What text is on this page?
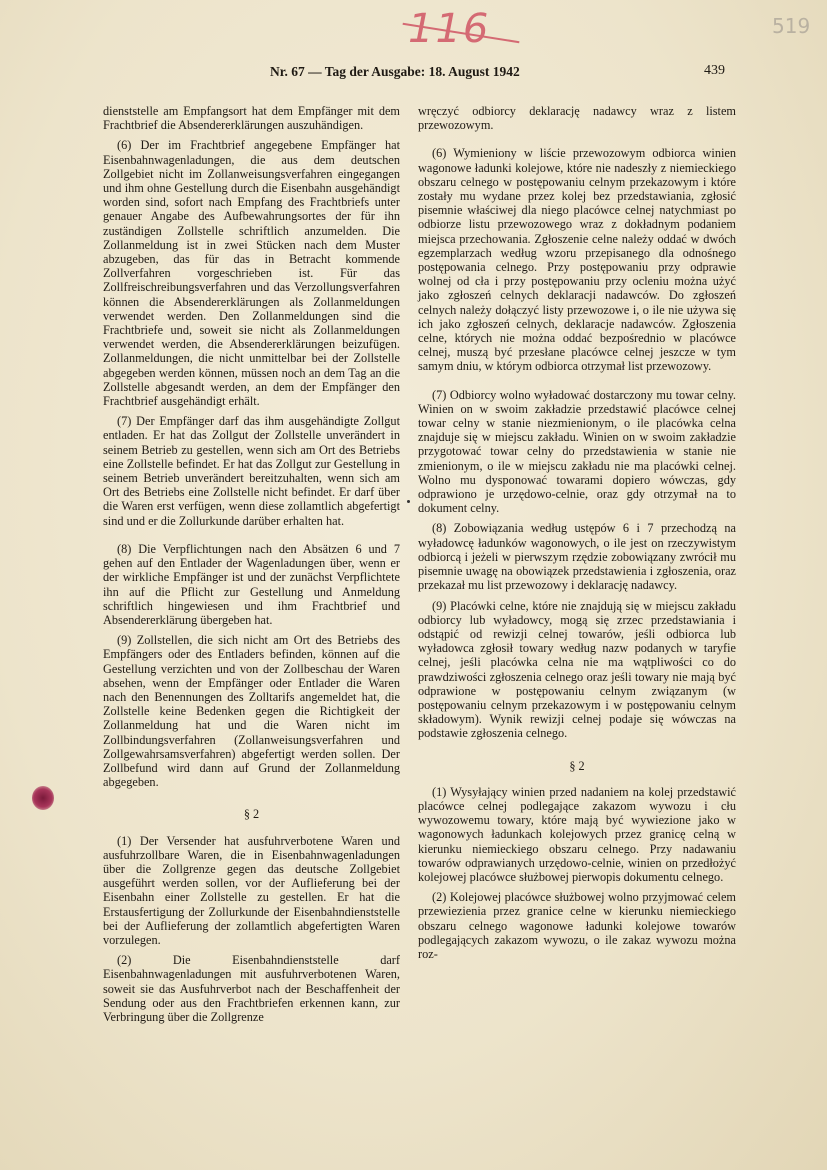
116	519
Nr. 67 — Tag der Ausgabe: 18. August 1942	439

dienststelle am Empfangsort hat dem Empfänger mit dem Frachtbrief die Absendererklärungen auszuhändigen.

(6) Der im Frachtbrief angegebene Empfänger hat Eisenbahnwagenladungen, die aus dem deutschen Zollgebiet nicht im Zollanweisungsverfahren eingegangen und ihm ohne Gestellung durch die Eisenbahn ausgehändigt worden sind, sofort nach Empfang des Frachtbriefs unter genauer Angabe des Aufbewahrungsortes der für ihn zuständigen Zollstelle schriftlich anzumelden. Die Zollanmeldung ist in zwei Stücken nach dem Muster abzugeben, das für das in Betracht kommende Zollverfahren vorgeschrieben ist. Für das Zollfreischreibungsverfahren und das Verzollungsverfahren können die Absendererklärungen als Zollanmeldungen verwendet werden. Den Zollanmeldungen sind die Frachtbriefe und, soweit sie nicht als Zollanmeldungen verwendet werden, die Absendererklärungen beizufügen. Zollanmeldungen, die nicht unmittelbar bei der Zollstelle abgegeben werden können, müssen noch an dem Tag an die Zollstelle abgesandt werden, an dem der Empfänger den Frachtbrief ausgehändigt erhält.

(7) Der Empfänger darf das ihm ausgehändigte Zollgut entladen. Er hat das Zollgut der Zollstelle unverändert in seinem Betrieb zu gestellen, wenn sich am Ort des Betriebs eine Zollstelle befindet. Er hat das Zollgut zur Gestellung in seinem Betrieb unverändert bereitzuhalten, wenn sich am Ort des Betriebs eine Zollstelle nicht befindet. Er darf über die Waren erst verfügen, wenn diese zollamtlich abgefertigt sind und er die Zollurkunde darüber erhalten hat.

(8) Die Verpflichtungen nach den Absätzen 6 und 7 gehen auf den Entlader der Wagenladungen über, wenn er der wirkliche Empfänger ist und der zunächst Verpflichtete ihn auf die Pflicht zur Gestellung und Anmeldung schriftlich hingewiesen und ihm Frachtbrief und Absendererklärung übergeben hat.

(9) Zollstellen, die sich nicht am Ort des Betriebs des Empfängers oder des Entladers befinden, können auf die Gestellung verzichten und von der Zollbeschau der Waren absehen, wenn der Empfänger oder Entlader die Waren nach den Benennungen des Zolltarifs angemeldet hat, die Zollstelle keine Bedenken gegen die Richtigkeit der Zollanmeldung hat und die Waren nicht im Zollbindungsverfahren (Zollanweisungsverfahren und Zollgewahrsamsverfahren) abgefertigt werden sollen. Der Zollbefund wird dann auf Grund der Zollanmeldung abgegeben.

§ 2

(1) Der Versender hat ausfuhrverbotene Waren und ausfuhrzollbare Waren, die in Eisenbahnwagenladungen über die Zollgrenze gegen das deutsche Zollgebiet ausgeführt werden sollen, vor der Auflieferung bei der Eisenbahn einer Zollstelle zu gestellen. Er hat die Erstausfertigung der Zollurkunde der Eisenbahndienststelle bei der Auflieferung der zollamtlich abgefertigten Waren vorzulegen.

(2) Die Eisenbahndienststelle darf Eisenbahnwagenladungen mit ausfuhrverbotenen Waren, soweit sie das Ausfuhrverbot nach der Beschaffenheit der Sendung oder aus den Frachtbriefen erkennen kann, zur Verbringung über die Zollgrenze

wręczyć odbiorcy deklarację nadawcy wraz z listem przewozowym.

(6) Wymieniony w liście przewozowym odbiorca winien wagonowe ładunki kolejowe, które nie nadeszły z niemieckiego obszaru celnego w postępowaniu celnym przekazowym i które zostały mu wydane przez kolej bez przedstawiania, zgłosić pisemnie właściwej dla niego placówce celnej natychmiast po odbiorze listu przewozowego wraz z dokładnym podaniem miejsca przechowania. Zgłoszenie celne należy oddać w dwóch egzemplarzach według wzoru przepisanego dla odnośnego postępowania celnego. Przy postępowaniu przy odprawie wolnej od cła i przy postępowaniu przy ocleniu można użyć jako zgłoszeń celnych deklaracji nadawców. Do zgłoszeń celnych należy dołączyć listy przewozowe i, o ile nie używa się ich jako zgłoszeń celnych, deklaracje nadawców. Zgłoszenia celne, których nie można oddać bezpośrednio w placówce celnej, muszą być przesłane placówce celnej jeszcze w tym samym dniu, w którym odbiorca otrzymał list przewozowy.

(7) Odbiorcy wolno wyładować dostarczony mu towar celny. Winien on w swoim zakładzie przedstawić placówce celnej towar celny w stanie niezmienionym, o ile placówka celna znajduje się w miejscu zakładu. Winien on w swoim zakładzie przygotować towar celny do przedstawienia w stanie nie zmienionym, o ile w miejscu zakładu nie ma placówki celnej. Wolno mu dysponować towarami dopiero wówczas, gdy odprawiono je urzędowo-celnie, oraz gdy otrzymał na to dokument celny.

(8) Zobowiązania według ustępów 6 i 7 przechodzą na wyładowcę ładunków wagonowych, o ile jest on rzeczywistym odbiorcą i jeżeli w pierwszym rzędzie zobowiązany zwrócił mu pisemnie uwagę na obowiązek przedstawienia i zgłoszenia, oraz przekazał mu list przewozowy i deklarację nadawcy.

(9) Placówki celne, które nie znajdują się w miejscu zakładu odbiorcy lub wyładowcy, mogą się zrzec przedstawiania i odstąpić od rewizji celnej towarów, jeśli odbiorca lub wyładowca zgłosił towary według nazw podanych w taryfie celnej, jeśli placówka celna nie ma wątpliwości co do prawdziwości zgłoszenia celnego oraz jeśli towary nie mają być odprawione w postępowaniu celnym związanym (w postępowaniu celnym przekazowym i w postępowaniu celnym składowym). Wynik rewizji celnej podaje się wówczas na podstawie zgłoszenia celnego.

§ 2

(1) Wysyłający winien przed nadaniem na kolej przedstawić placówce celnej podlegające zakazom wywozu i cłu wywozowemu towary, które mają być wywiezione jako w wagonowych ładunkach kolejowych przez granicę celną w kierunku niemieckiego obszaru celnego. Przy nadawaniu towarów odprawianych urzędowo-celnie, winien on przedłożyć kolejowej placówce służbowej pierwopis dokumentu celnego.

(2) Kolejowej placówce służbowej wolno przyjmować celem przewiezienia przez granice celne w kierunku niemieckiego obszaru celnego wagonowe ładunki kolejowe towarów podlegających zakazom wywozu, o ile zakaz wywozu można roz-
